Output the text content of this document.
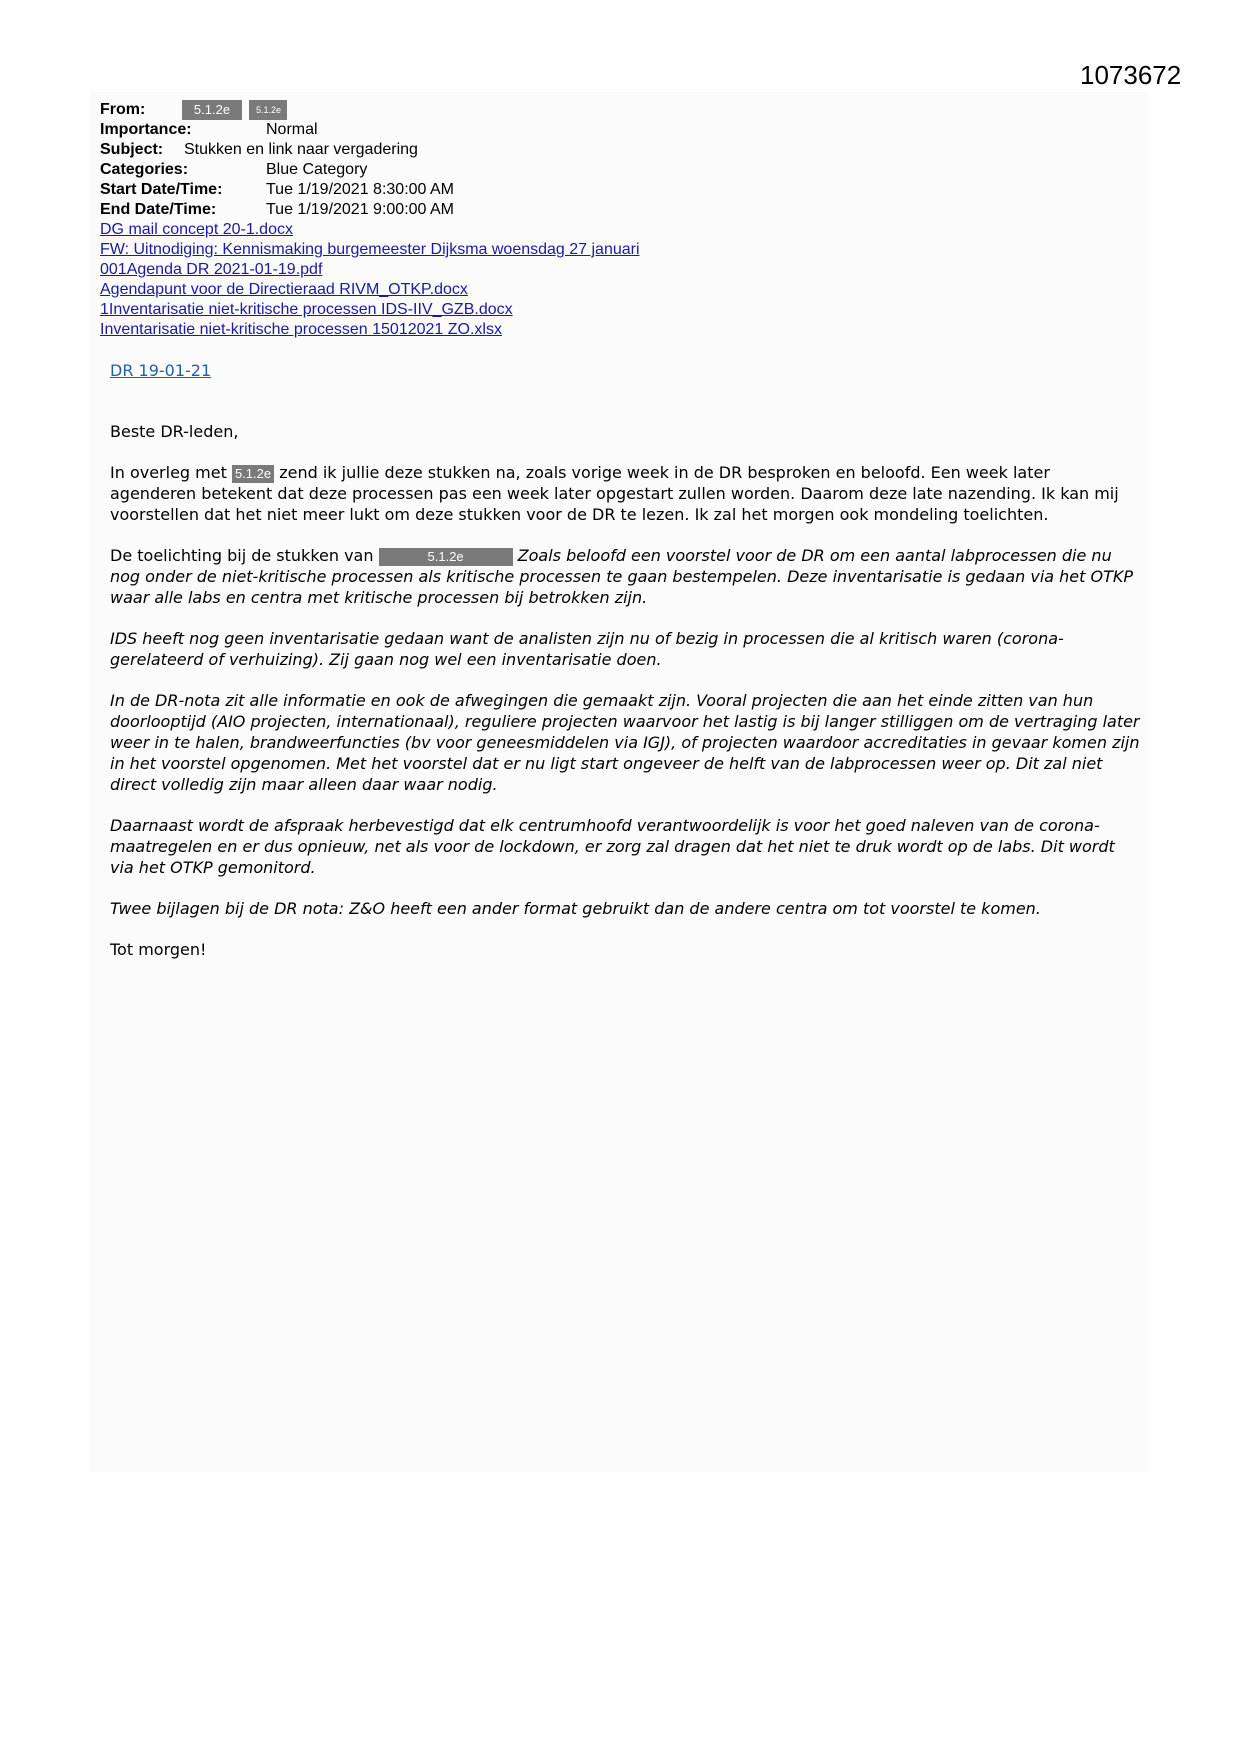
1073672
From:	5.1.2e	5.1.2e
Importance:	Normal
Subject: Stukken en link naar vergadering
Categories:	Blue Category
Start Date/Time:	Tue 1/19/2021 8:30:00 AM
End Date/Time:	Tue 1/19/2021 9:00:00 AM
DG mail concept 20-1.docx
FW: Uitnodiging: Kennismaking burgemeester Dijksma woensdag 27 januari
001Agenda DR 2021-01-19.pdf
Agendapunt voor de Directieraad RIVM_OTKP.docx
1Inventarisatie niet-kritische processen IDS-IIV_GZB.docx
Inventarisatie niet-kritische processen 15012021 ZO.xlsx
DR 19-01-21

Beste DR-leden,

In overleg met 5.1.2e zend ik jullie deze stukken na, zoals vorige week in de DR besproken en beloofd. Een week later agenderen betekent dat deze processen pas een week later opgestart zullen worden. Daarom deze late nazending. Ik kan mij voorstellen dat het niet meer lukt om deze stukken voor de DR te lezen. Ik zal het morgen ook mondeling toelichten.

De toelichting bij de stukken van	5.1.2e	Zoals beloofd een voorstel voor de DR om een aantal labprocessen die nu nog onder de niet-kritische processen als kritische processen te gaan bestempelen. Deze inventarisatie is gedaan via het OTKP waar alle labs en centra met kritische processen bij betrokken zijn.

IDS heeft nog geen inventarisatie gedaan want de analisten zijn nu of bezig in processen die al kritisch waren (corona-gerelateerd of verhuizing). Zij gaan nog wel een inventarisatie doen.

In de DR-nota zit alle informatie en ook de afwegingen die gemaakt zijn. Vooral projecten die aan het einde zitten van hun doorlooptijd (AIO projecten, internationaal), reguliere projecten waarvoor het lastig is bij langer stilliggen om de vertraging later weer in te halen, brandweerfuncties (bv voor geneesmiddelen via IGJ), of projecten waardoor accreditaties in gevaar komen zijn in het voorstel opgenomen. Met het voorstel dat er nu ligt start ongeveer de helft van de labprocessen weer op. Dit zal niet direct volledig zijn maar alleen daar waar nodig.

Daarnaast wordt de afspraak herbevestigd dat elk centrumhoofd verantwoordelijk is voor het goed naleven van de corona-maatregelen en er dus opnieuw, net als voor de lockdown, er zorg zal dragen dat het niet te druk wordt op de labs. Dit wordt via het OTKP gemonitord.

Twee bijlagen bij de DR nota: Z&O heeft een ander format gebruikt dan de andere centra om tot voorstel te komen.

Tot morgen!
